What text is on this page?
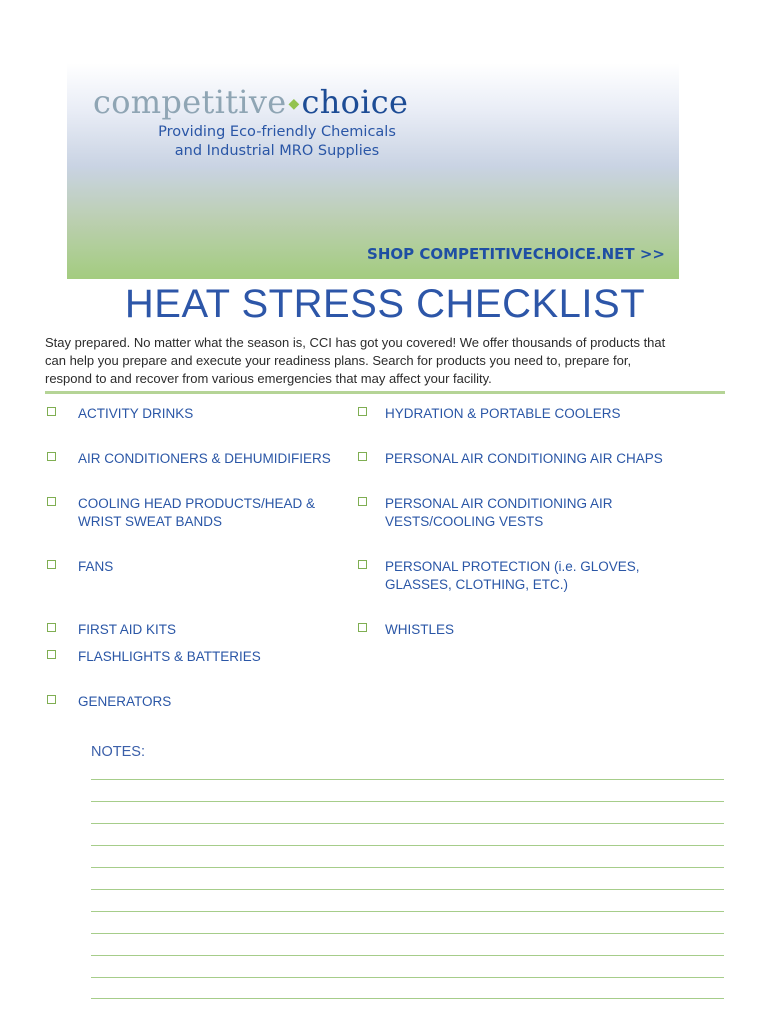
competitive ◆choice
Providing Eco-friendly Chemicals
and Industrial MRO Supplies
SHOP COMPETITIVECHOICE.NET >>
HEAT STRESS CHECKLIST
Stay prepared. No matter what the season is, CCI has got you covered! We offer thousands of products that
can help you prepare and execute your readiness plans. Search for products you need to, prepare for,
respond to and recover from various emergencies that may affect your facility.
ACTIVITY DRINKS
AIR CONDITIONERS & DEHUMIDIFIERS
COOLING HEAD PRODUCTS/HEAD &
WRIST SWEAT BANDS
FANS
FIRST AID KITS
FLASHLIGHTS & BATTERIES
GENERATORS
HYDRATION & PORTABLE COOLERS
PERSONAL AIR CONDITIONING AIR CHAPS
PERSONAL AIR CONDITIONING AIR
VESTS/COOLING VESTS
PERSONAL PROTECTION (i.e. GLOVES,
GLASSES, CLOTHING, ETC.)
WHISTLES
NOTES:
